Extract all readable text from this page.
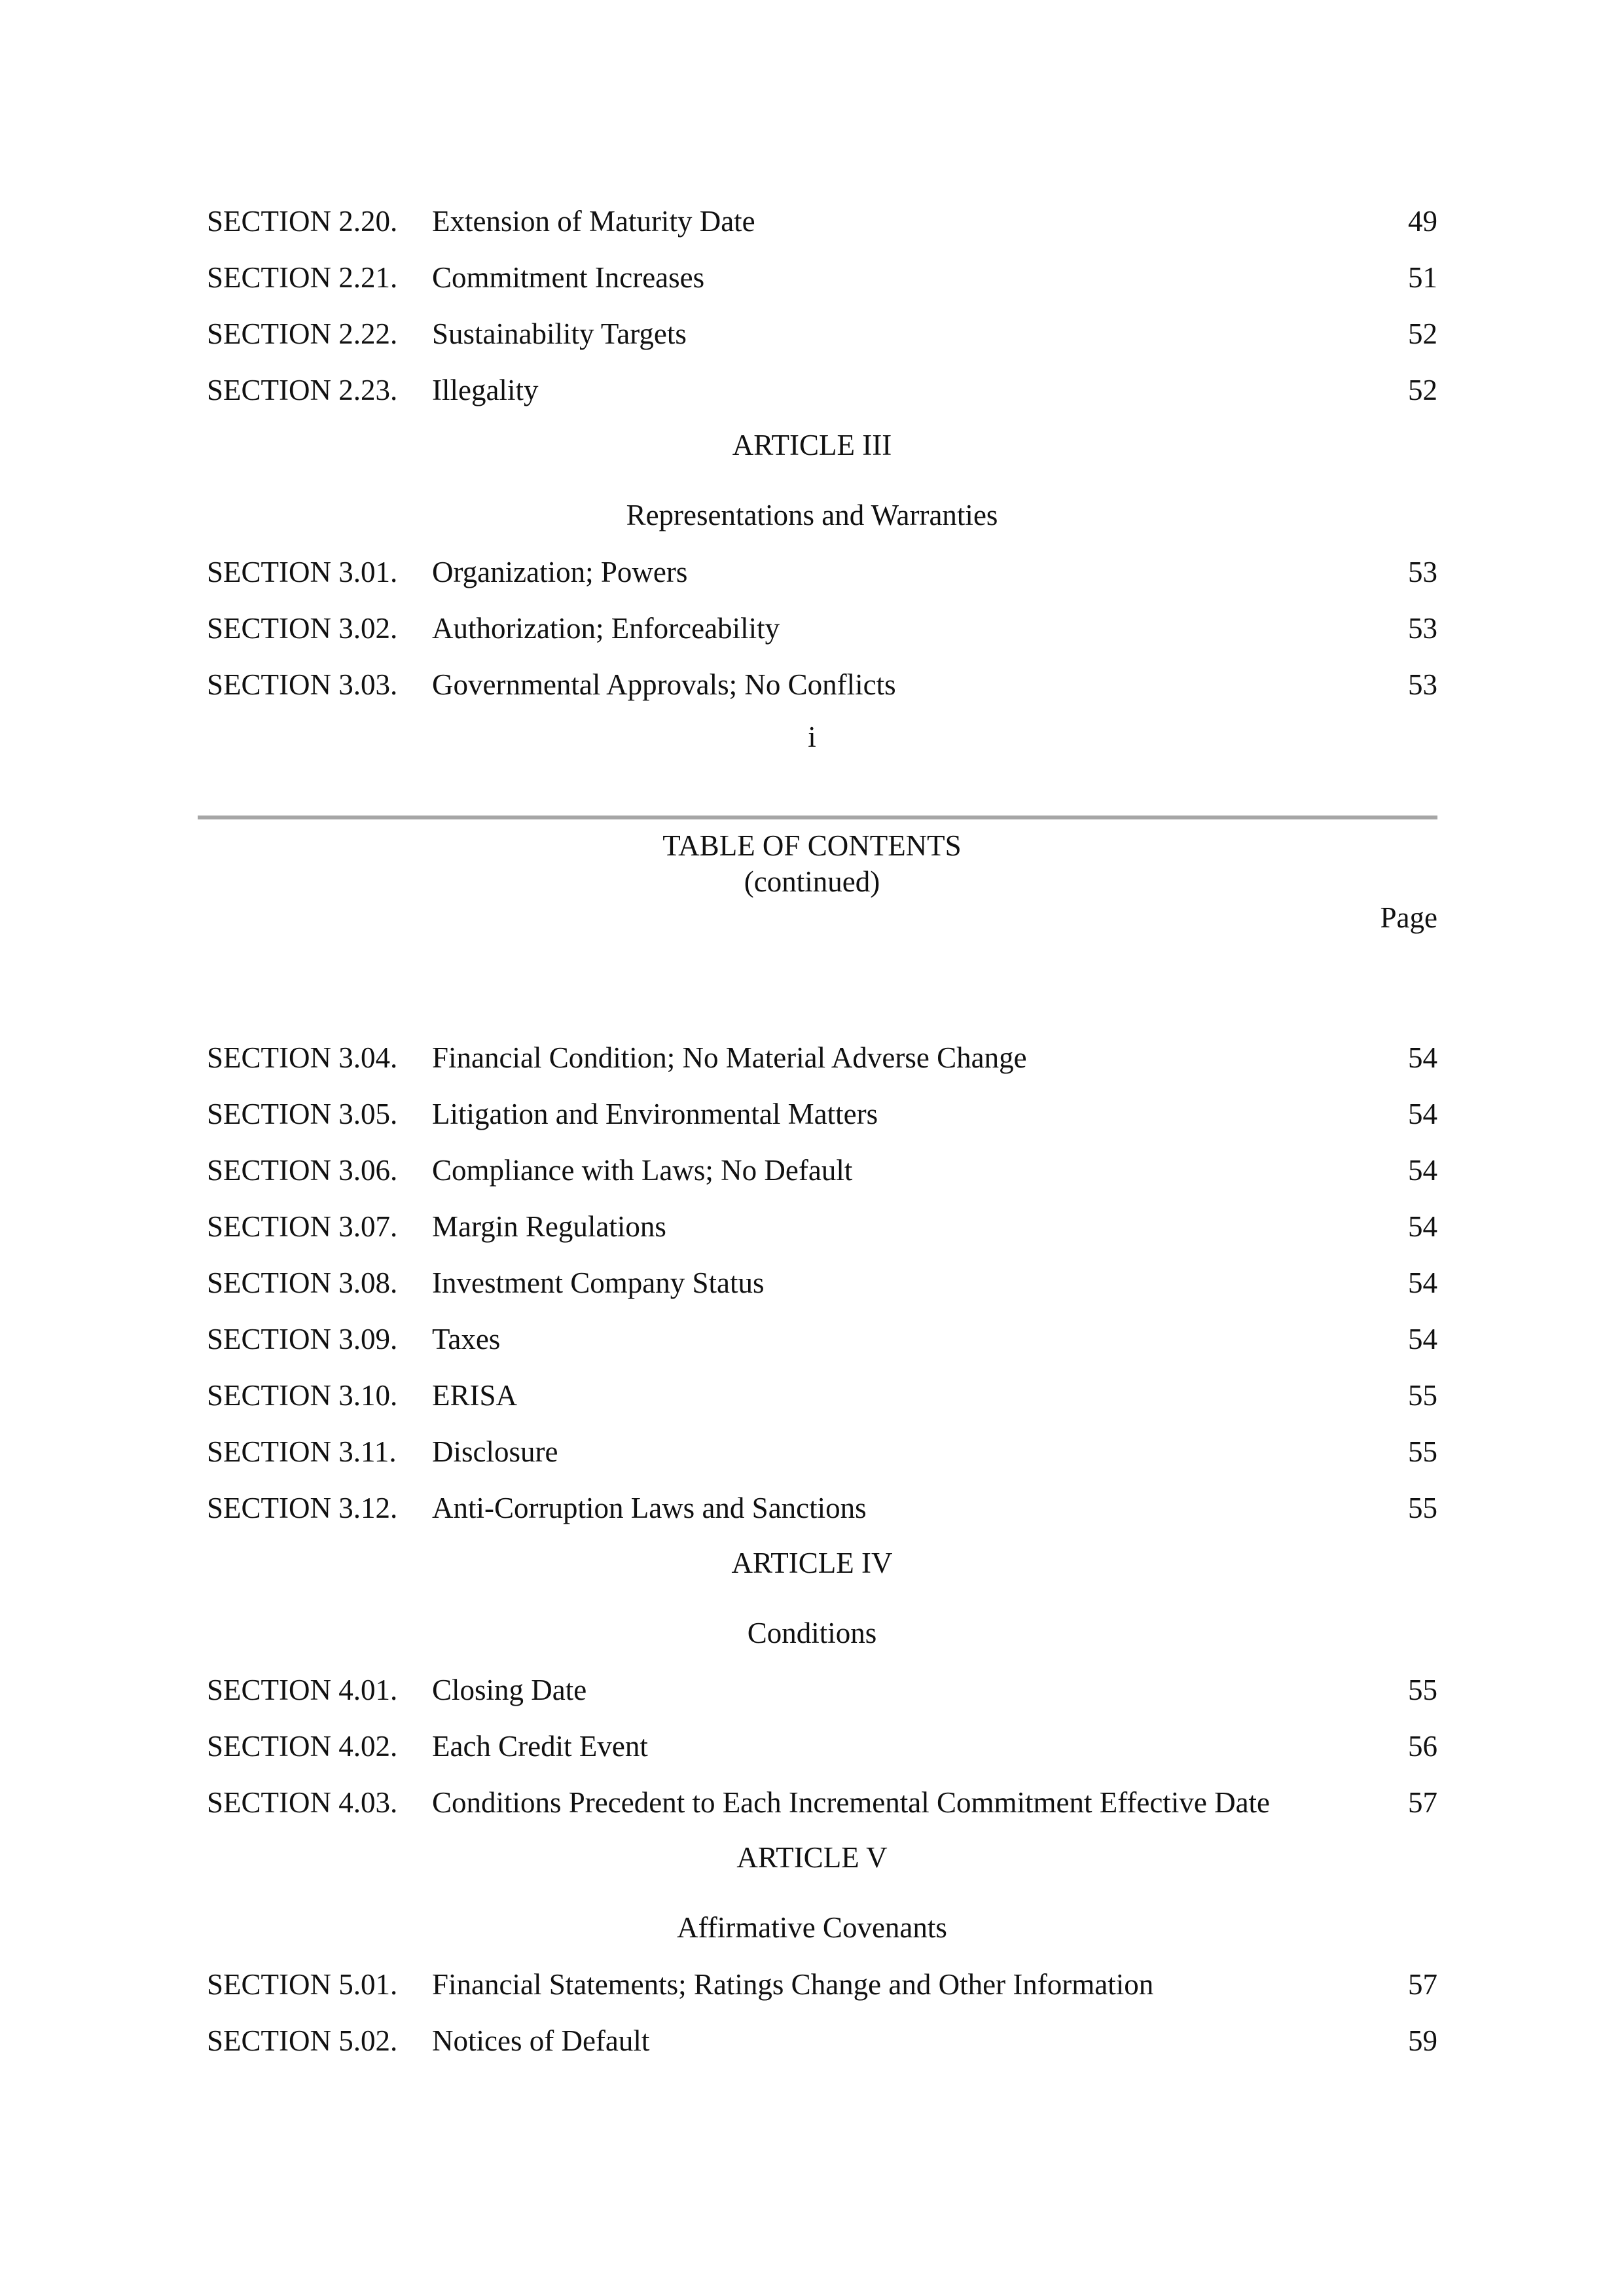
SECTION 2.20. Extension of Maturity Date	49
SECTION 2.21. Commitment Increases	51
SECTION 2.22. Sustainability Targets	52
SECTION 2.23. Illegality	52
ARTICLE III
Representations and Warranties
SECTION 3.01. Organization; Powers	53
SECTION 3.02. Authorization; Enforceability	53
SECTION 3.03. Governmental Approvals; No Conflicts	53
i
TABLE OF CONTENTS
(continued)
Page
SECTION 3.04. Financial Condition; No Material Adverse Change	54
SECTION 3.05. Litigation and Environmental Matters	54
SECTION 3.06. Compliance with Laws; No Default	54
SECTION 3.07. Margin Regulations	54
SECTION 3.08. Investment Company Status	54
SECTION 3.09. Taxes	54
SECTION 3.10. ERISA	55
SECTION 3.11. Disclosure	55
SECTION 3.12. Anti-Corruption Laws and Sanctions	55
ARTICLE IV
Conditions
SECTION 4.01. Closing Date	55
SECTION 4.02. Each Credit Event	56
SECTION 4.03. Conditions Precedent to Each Incremental Commitment Effective Date	57
ARTICLE V
Affirmative Covenants
SECTION 5.01. Financial Statements; Ratings Change and Other Information	57
SECTION 5.02. Notices of Default	59
